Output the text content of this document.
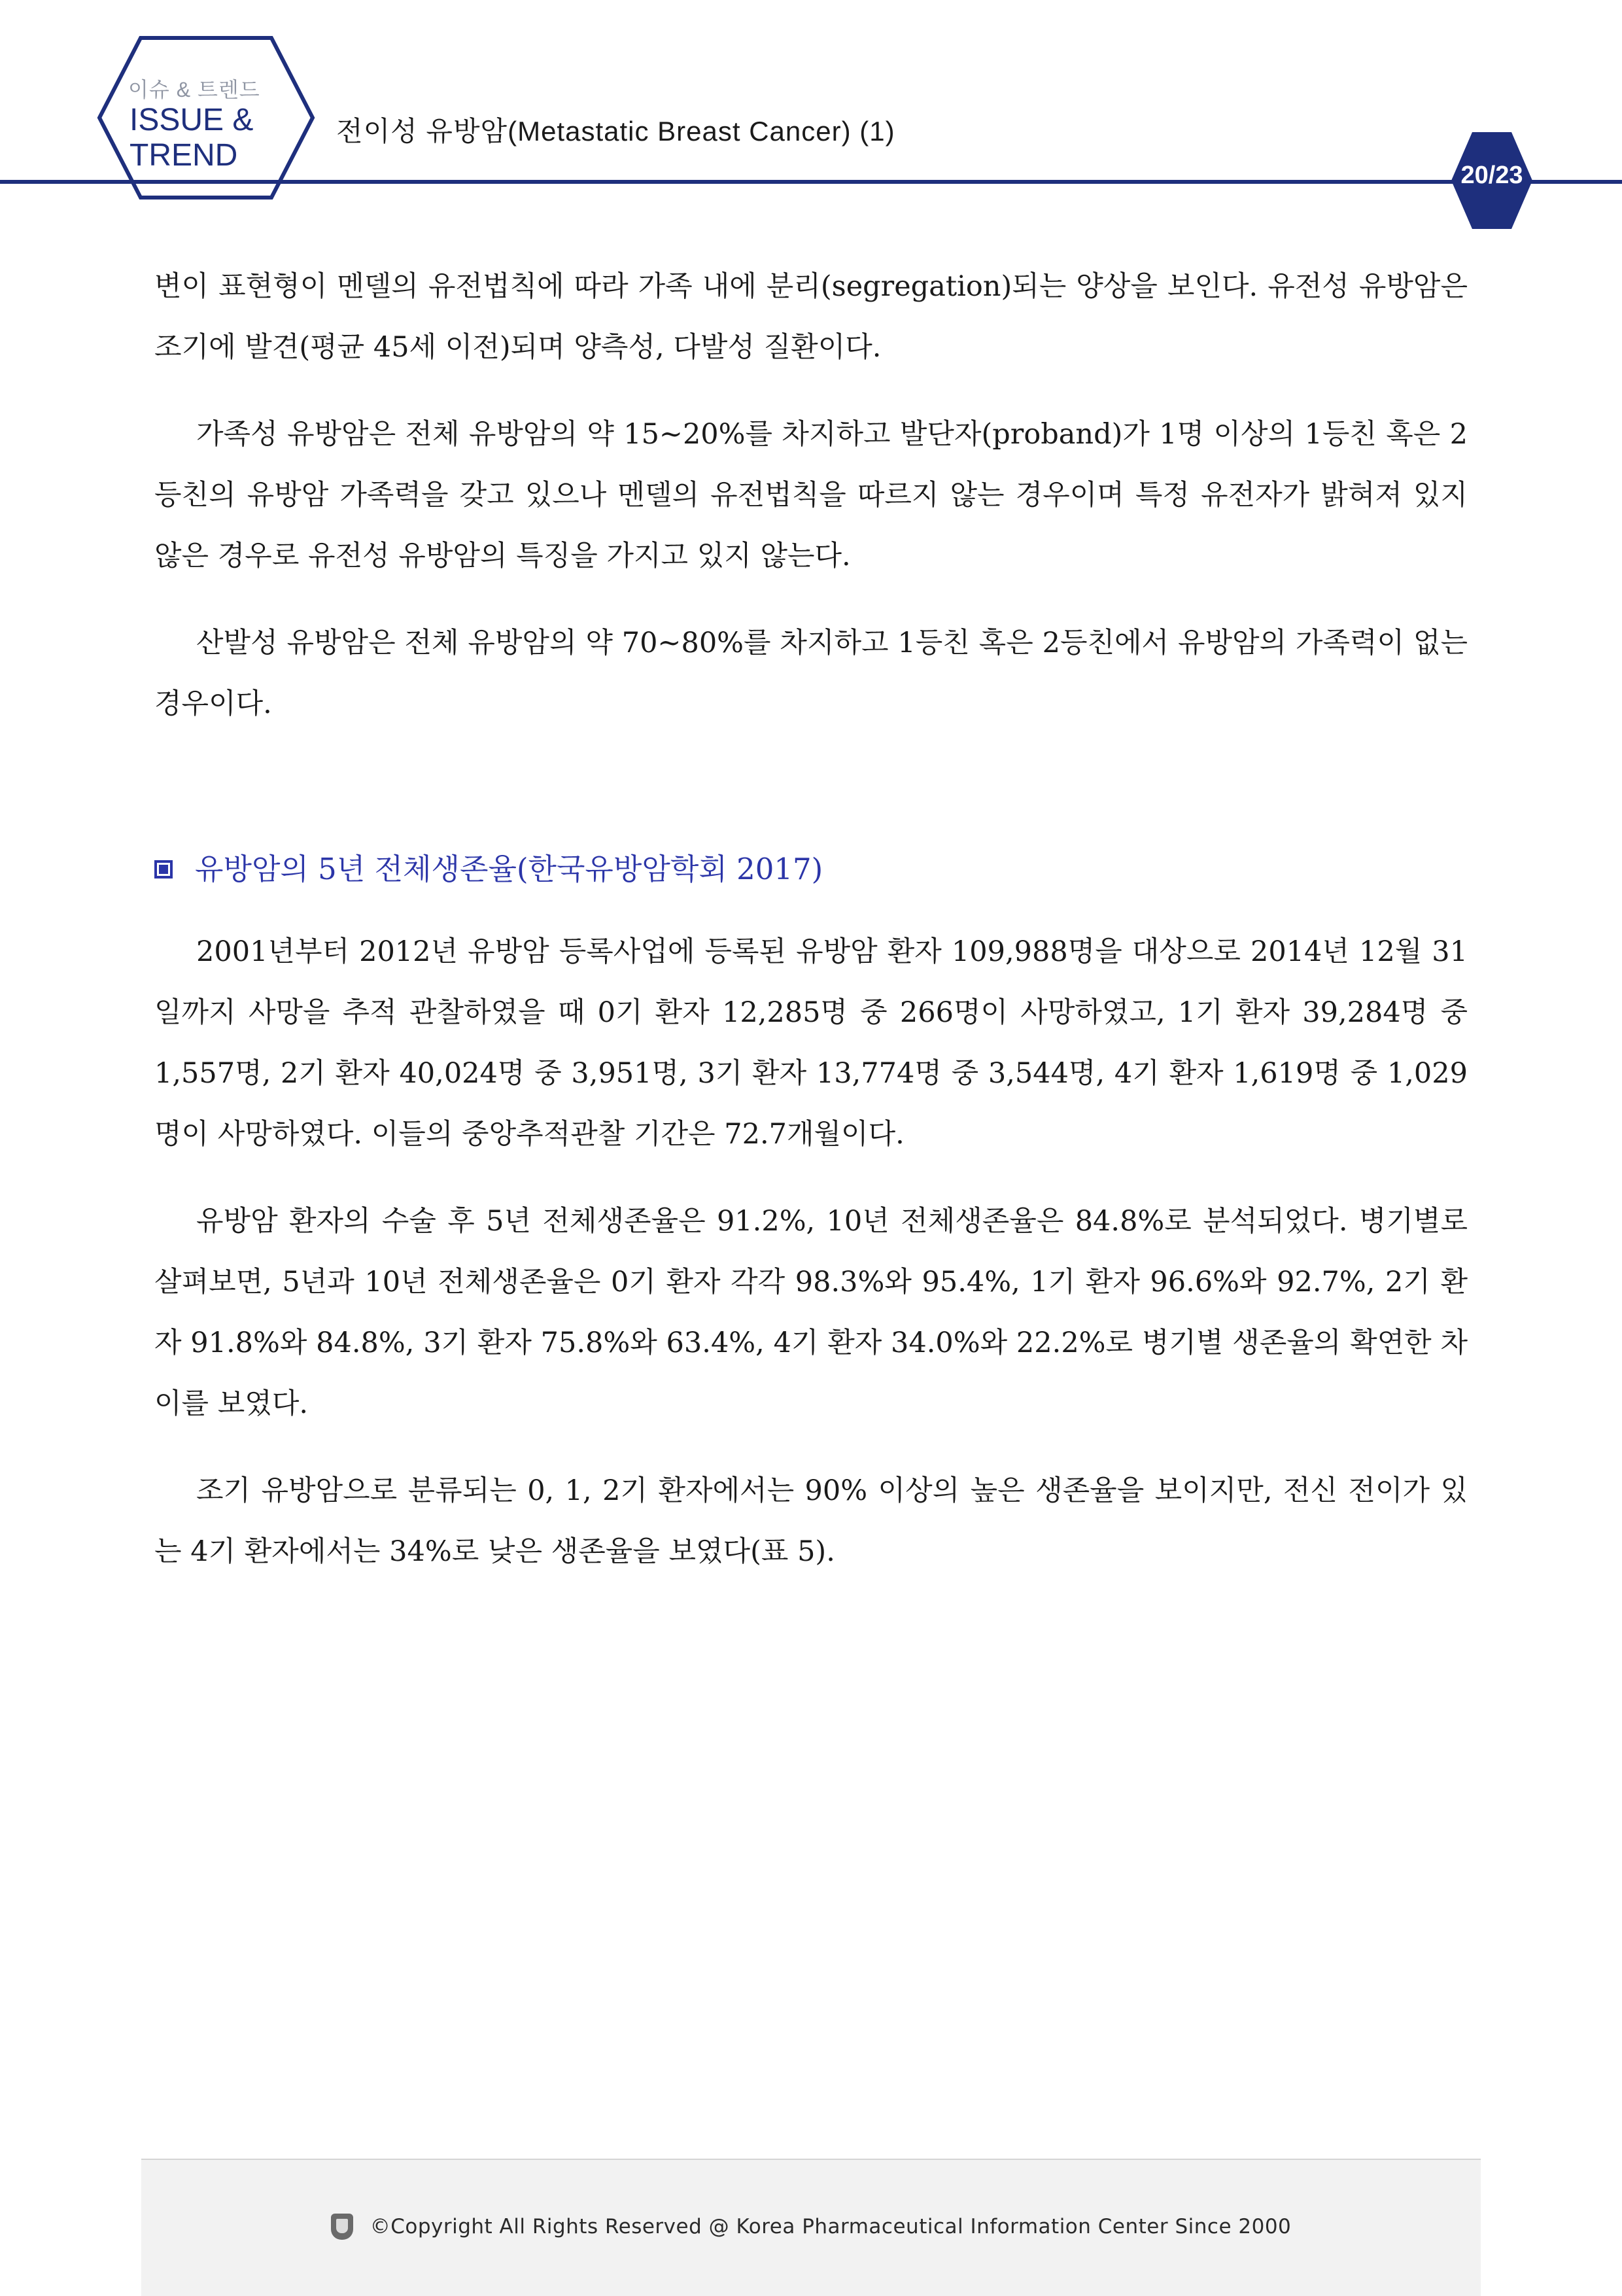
이슈 & 트렌드
ISSUE &
TREND
전이성 유방암(Metastatic Breast Cancer) (1)
20/23

변이 표현형이 멘델의 유전법칙에 따라 가족 내에 분리(segregation)되는 양상을 보인다. 유전성 유방암은 조기에 발견(평균 45세 이전)되며 양측성, 다발성 질환이다.

가족성 유방암은 전체 유방암의 약 15~20%를 차지하고 발단자(proband)가 1명 이상의 1등친 혹은 2등친의 유방암 가족력을 갖고 있으나 멘델의 유전법칙을 따르지 않는 경우이며 특정 유전자가 밝혀져 있지 않은 경우로 유전성 유방암의 특징을 가지고 있지 않는다.

산발성 유방암은 전체 유방암의 약 70~80%를 차지하고 1등친 혹은 2등친에서 유방암의 가족력이 없는 경우이다.

유방암의 5년 전체생존율(한국유방암학회 2017)

2001년부터 2012년 유방암 등록사업에 등록된 유방암 환자 109,988명을 대상으로 2014년 12월 31일까지 사망을 추적 관찰하였을 때 0기 환자 12,285명 중 266명이 사망하였고, 1기 환자 39,284명 중 1,557명, 2기 환자 40,024명 중 3,951명, 3기 환자 13,774명 중 3,544명, 4기 환자 1,619명 중 1,029명이 사망하였다. 이들의 중앙추적관찰 기간은 72.7개월이다.

유방암 환자의 수술 후 5년 전체생존율은 91.2%, 10년 전체생존율은 84.8%로 분석되었다. 병기별로 살펴보면, 5년과 10년 전체생존율은 0기 환자 각각 98.3%와 95.4%, 1기 환자 96.6%와 92.7%, 2기 환자 91.8%와 84.8%, 3기 환자 75.8%와 63.4%, 4기 환자 34.0%와 22.2%로 병기별 생존율의 확연한 차이를 보였다.

조기 유방암으로 분류되는 0, 1, 2기 환자에서는 90% 이상의 높은 생존율을 보이지만, 전신 전이가 있는 4기 환자에서는 34%로 낮은 생존율을 보였다(표 5).

©Copyright All Rights Reserved @ Korea Pharmaceutical Information Center Since 2000
